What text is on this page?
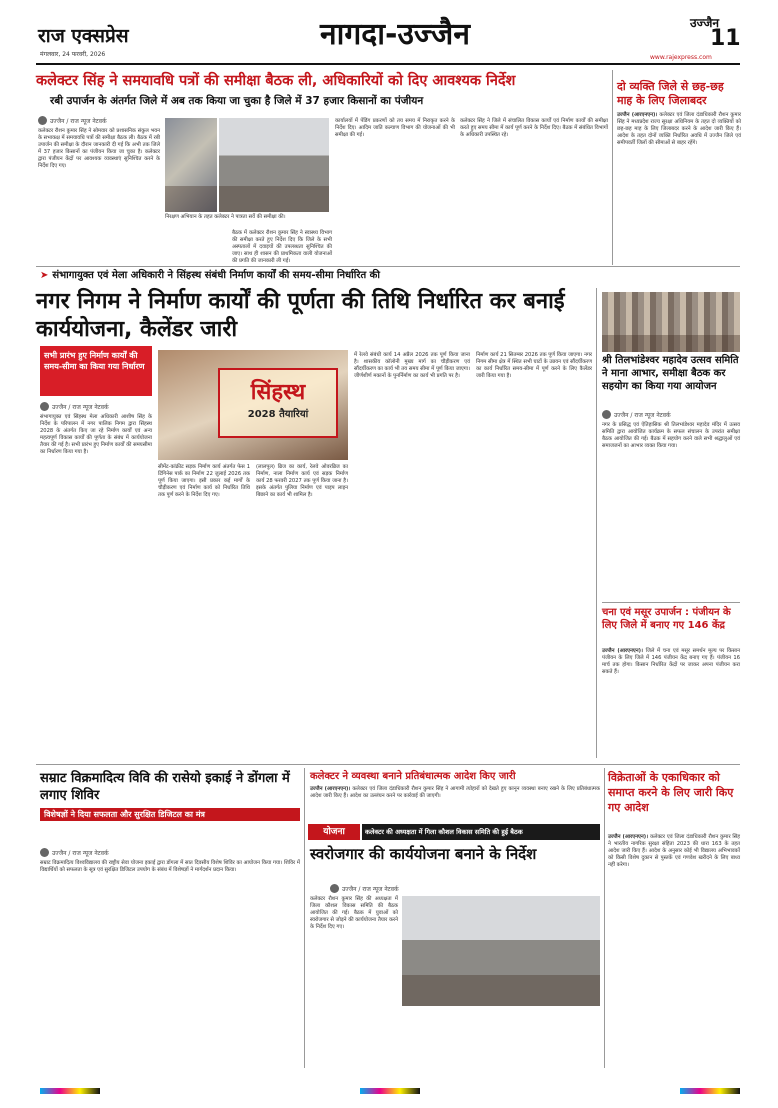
राज एक्सप्रेस
मंगलवार, 24 फरवरी, 2026
नागदा-उज्जैन	उज्जैन
11
www.rajexpress.com
कलेक्टर सिंह ने समयावधि पत्रों की समीक्षा बैठक ली, अधिकारियों को दिए आवश्यक निर्देश
रबी उपार्जन के अंतर्गत जिले में अब तक किया जा चुका है जिले में 37 हजार किसानों का पंजीयन
उज्जैन / राज न्यूज नेटवर्क
कलेक्टर रौशन कुमार सिंह ने सोमवार को प्रशासनिक संकुल भवन के सभाकक्ष में समयावधि पत्रों की समीक्षा बैठक ली। बैठक में रबी उपार्जन की समीक्षा के दौरान जानकारी दी गई कि अभी तक जिले में 37 हजार किसानों का पंजीयन किया जा चुका है। कलेक्टर द्वारा पंजीयन केंद्रों पर आवश्यक व्यवस्थाएं सुनिश्चित करने के निर्देश दिए गए।
निरक्षण अभियान के तहत कलेक्टर ने पात्रता सर्वे की समीक्षा की।
बैठक में कलेक्टर रौशन कुमार सिंह ने स्वास्थ्य विभाग की समीक्षा करते हुए निर्देश दिए कि जिले के सभी अस्पतालों में दवाइयों की उपलब्धता सुनिश्चित की जाए। साथ ही शासन की प्राथमिकता वाली योजनाओं की प्रगति की जानकारी ली गई।
कार्यालयों में पेंडिंग प्रकरणों को तय समय में निराकृत करने के निर्देश दिए। आदिम जाति कल्याण विभाग की योजनाओं की भी समीक्षा की गई।
कलेक्टर सिंह ने जिले में संचालित विकास कार्यों एवं निर्माण कार्यों की समीक्षा करते हुए समय सीमा में कार्य पूर्ण करने के निर्देश दिए। बैठक में संबंधित विभागों के अधिकारी उपस्थित रहे।
दो व्यक्ति जिले से छह-छह माह के लिए जिलाबदर
उज्जैन (आरएनएन)। कलेक्टर एवं जिला दंडाधिकारी रौशन कुमार सिंह ने मध्यप्रदेश राज्य सुरक्षा अधिनियम के तहत दो व्यक्तियों को छह-छह माह के लिए जिलाबदर करने के आदेश जारी किए हैं। आदेश के तहत दोनों व्यक्ति निर्धारित अवधि में उज्जैन जिले एवं समीपवर्ती जिलों की सीमाओं से बाहर रहेंगे।
➤ संभागायुक्त एवं मेला अधिकारी ने सिंहस्थ संबंधी निर्माण कार्यों की समय-सीमा निर्धारित की
नगर निगम ने निर्माण कार्यों की पूर्णता की तिथि निर्धारित कर बनाई कार्ययोजना, कैलेंडर जारी
सभी प्रारंभ हुए निर्माण कार्यों की समय-सीमा का किया गया निर्धारण
उज्जैन / राज न्यूज नेटवर्क
संभागायुक्त एवं सिंहस्थ मेला अधिकारी आशीष सिंह के निर्देश के परिपालन में नगर पालिक निगम द्वारा सिंहस्थ 2028 के अंतर्गत किए जा रहे निर्माण कार्यों एवं अन्य महत्वपूर्ण विकास कार्यों की पूर्णता के संबंध में कार्ययोजना तैयार की गई है। सभी प्रारंभ हुए निर्माण कार्यों की समयसीमा का निर्धारण किया गया है।
सिंहस्थ
2028 तैयारियां
सीमेंट-कांक्रीट सड़क निर्माण कार्य अंतर्गत फेस 1 टिंगिनेस पार्क का निर्माण 22 जुलाई 2026 तक पूर्ण किया जाएगा। इसी प्रकार कई मार्गों के चौड़ीकरण एवं निर्माण कार्य को निर्धारित तिथि तक पूर्ण करने के निर्देश दिए गए।
(लालपुल) ब्रिज का कार्य, रेलवे ओवरब्रिज का निर्माण, नाला निर्माण कार्य एवं सड़क निर्माण कार्य 28 फरवरी 2027 तक पूर्ण किया जाना है। इसके अंतर्गत पुलिया निर्माण एवं पाइप लाइन बिछाने का कार्य भी शामिल है।
में रेलवे संबंधी कार्य 14 अप्रैल 2026 तक पूर्ण किया जाना है। शासकीय कॉलोनी मुख्य मार्ग का चौड़ीकरण एवं सौंदर्यीकरण का कार्य भी तय समय सीमा में पूर्ण किया जाएगा। जीर्णशीर्ण मकानों के पुनर्निर्माण का कार्य भी प्रगति पर है।
निर्माण कार्य 21 सितम्बर 2026 तक पूर्ण किया जाएगा। नगर निगम सीमा क्षेत्र में स्थित सभी घाटों के उन्नयन एवं सौंदर्यीकरण का कार्य निर्धारित समय-सीमा में पूर्ण करने के लिए कैलेंडर जारी किया गया है।
श्री तिलभांडेश्वर महादेव उत्सव समिति ने माना आभार, समीक्षा बैठक कर सहयोग का किया गया आयोजन
उज्जैन / राज न्यूज नेटवर्क
नगर के प्रसिद्ध एवं ऐतिहासिक श्री तिलभांडेश्वर महादेव मंदिर में उत्सव समिति द्वारा आयोजित कार्यक्रम के सफल संचालन के उपरांत समीक्षा बैठक आयोजित की गई। बैठक में सहयोग करने वाले सभी श्रद्धालुओं एवं समाजजनों का आभार व्यक्त किया गया।
चना एवं मसूर उपार्जन : पंजीयन के लिए जिले में बनाए गए 146 केंद्र
उज्जैन (आरएनएन)। जिले में चना एवं मसूर समर्थन मूल्य पर किसान पंजीयन के लिए जिले में 146 पंजीयन केंद्र बनाए गए हैं। पंजीयन 16 मार्च तक होगा। किसान निर्धारित केंद्रों पर जाकर अपना पंजीयन करा सकते हैं।
सम्राट विक्रमादित्य विवि की रासेयो इकाई ने डोंगला में लगाए शिविर
विशेषज्ञों ने दिया सफलता और सुरक्षित डिजिटल का मंत्र
उज्जैन / राज न्यूज नेटवर्क
सम्राट विक्रमादित्य विश्वविद्यालय की राष्ट्रीय सेवा योजना इकाई द्वारा डोंगला में सात दिवसीय विशेष शिविर का आयोजन किया गया। शिविर में विद्यार्थियों को सफलता के सूत्र एवं सुरक्षित डिजिटल उपयोग के संबंध में विशेषज्ञों ने मार्गदर्शन प्रदान किया।
कलेक्टर ने व्यवस्था बनाने प्रतिबंधात्मक आदेश किए जारी
उज्जैन (आरएनएन)। कलेक्टर एवं जिला दंडाधिकारी रौशन कुमार सिंह ने आगामी त्योहारों को देखते हुए कानून व्यवस्था बनाए रखने के लिए प्रतिबंधात्मक आदेश जारी किए हैं। आदेश का उल्लंघन करने पर कार्रवाई की जाएगी।
योजना	कलेक्टर की अध्यक्षता में गिला कौशल विकास समिति की हुई बैठक
स्वरोजगार की कार्ययोजना बनाने के निर्देश
उज्जैन / राज न्यूज नेटवर्क
कलेक्टर रौशन कुमार सिंह की अध्यक्षता में जिला कौशल विकास समिति की बैठक आयोजित की गई। बैठक में युवाओं को स्वरोजगार से जोड़ने की कार्ययोजना तैयार करने के निर्देश दिए गए।
विक्रेताओं के एकाधिकार को समाप्त करने के लिए जारी किए गए आदेश
उज्जैन (आरएनएन)। कलेक्टर एवं जिला दंडाधिकारी रौशन कुमार सिंह ने भारतीय नागरिक सुरक्षा संहिता 2023 की धारा 163 के तहत आदेश जारी किए हैं। आदेश के अनुसार कोई भी विद्यालय अभिभावकों को किसी विशेष दुकान से पुस्तकें एवं गणवेश खरीदने के लिए बाध्य नहीं करेगा।
